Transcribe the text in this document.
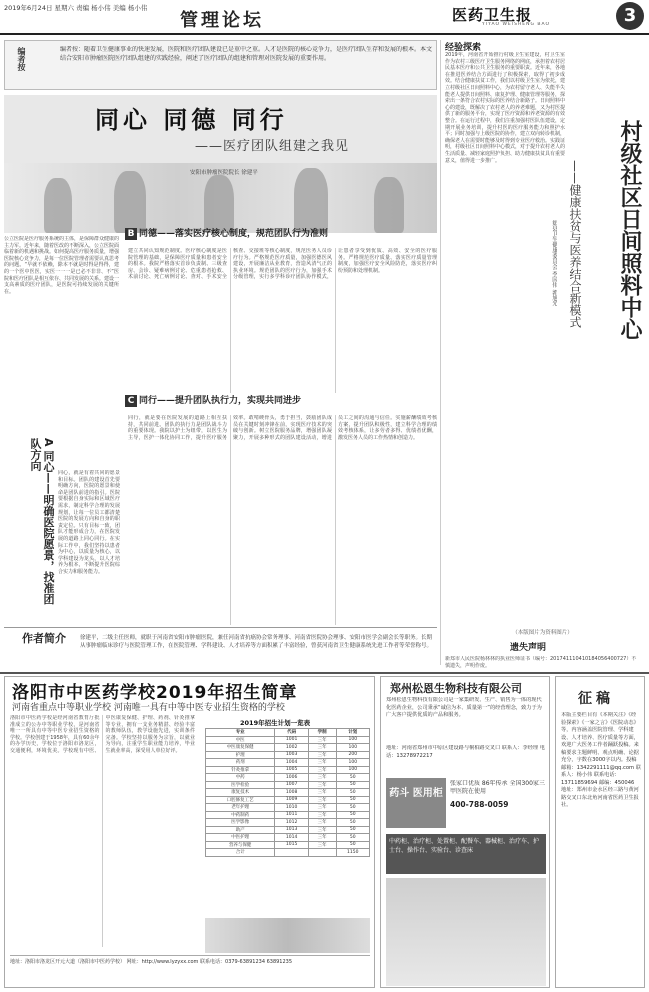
2019年6月24日 星期六 责编 杨小伟 美编 杨小伟
管理论坛	医药卫生报
YIYAO WEISHENG BAO	3
编者按	编者按：随着卫生健康事业的快速发展，医院和医疗团队建设已是重中之重。人才是医院的核心竞争力，是医疗团队生存和发展的根本。本文结合安阳市肿瘤医院医疗团队组建的实践经验，阐述了医疗团队的组建和管理对医院发展的重要作用。
同心 同德 同行
——医疗团队组建之我见
安阳市肿瘤医院院长 徐建平
公立医院是医疗服务系统的主体，是保障群众健康的主力军。近年来，随着医改的不断深入，公立医院面临着新的机遇和挑战。如何提高医疗服务质量，增强医院核心竞争力，是每一位医院管理者需要认真思考的问题。“早就不依赖，除本不就是时得是得得，建的一个医中医医，实医一一一是已必不非非、不”医院和医疗团队是相互依存、共同发展的关系。建设一支高素质的医疗团队，是医院可持续发展的关键所在。
B 同德——落实医疗核心制度，规范团队行为准则
建立共同认知规范制度。医疗核心制度是医院管理的基础，是保障医疗质量和患者安全的根本。我院严格落实首诊负责制、三级查房、会诊、疑难病例讨论、危重患者抢救、术前讨论、死亡病例讨论、查对、手术安全核查、交接班等核心制度，规范医务人员诊疗行为。严格规范医疗质量，加强医德医风建设，开展廉洁从业教育，营造风清气正的执业环境。规范团队的医疗行为，加强手术分级管理，实行多学科诊疗团队协作模式，让患者享受到优质、高效、安全的医疗服务。严格规范医疗质量、落实医疗质量管理制度，加强医疗安全风险防范，落实医疗纠纷预防和处理机制。
A 同心——明确医院愿景，找准团队方向
同心，就是有着共同的愿景和目标。团队的建设首先要明确方向，医院的愿景和使命是团队前进的指引。医院要根据自身实际和区域医疗需求，制定科学合理的发展规划，让每一位员工都清楚医院的发展方向和自身的职责定位。只有目标一致，团队才能形成合力，在医院发展的道路上同心同行。在实际工作中，我们坚持以患者为中心，以质量为核心，以学科建设为龙头，以人才培养为根本，不断提升医院综合实力和服务能力。
C 同行——提升团队执行力，实现共同进步
同行，就是要在医院发展的道路上相互扶持，共同前进。团队的执行力是团队战斗力的重要体现。我院以护士为纽带，以医生为主导，医护一体化协同工作，提升医疗服务效率。敢啃硬骨头，勇于担当，鼓励团队成员在关键时刻冲锋在前，实现医疗技术的突破与创新。树立医院服务品牌，增强团队凝聚力，开展多种形式的团队建设活动，增进员工之间的沟通与信任。实施薪酬绩效考核方案，提升团队积极性，建立科学合理的绩效考核体系，让多劳者多得、优绩者优酬，激发医务人员的工作热情和创造力。
作者简介	徐建平，二级主任医师，就职于河南省安阳市肿瘤医院，兼任河南省抗癌协会常务理事、河南省医院协会理事、安阳市医学会副会长等职务。长期从事肿瘤临床诊疗与医院管理工作，在医院管理、学科建设、人才培养等方面积累了丰富经验，曾获河南省卫生健康系统先进工作者等荣誉称号。
经验探索
2019年，河南省开始推行村级卫生室建设，村卫生室作为农村三级医疗卫生服务网络的网底，承担着农村居民基本医疗和公共卫生服务的重要职责。近年来，各地在推进医养结合方面进行了积极探索，取得了初步成效。结合健康扶贫工作，我们以村级卫生室为依托，建立村级社区日间照料中心，为农村留守老人、失能半失能老人提供日间照料、康复护理、健康管理等服务，探索出一条符合农村实际的医养结合新路子。日间照料中心的建设，既解决了农村老人的养老难题，又为村医提供了新的服务平台，实现了医疗资源和养老资源的有效整合。在运行过程中，我们注重加强村医队伍建设，定期开展业务培训，提升村医的医疗服务能力和照护水平；同时加强与上级医院的协作，建立双向转诊机制，确保老人在需要时能够及时得到专业医疗救治。实践证明，村级社区日间照料中心模式，对于提升农村老人的生活质量、减轻家庭照护负担、助力健康扶贫具有重要意义，值得进一步推广。	村级社区日间照料中心
——健康扶贫与医养结合新模式
郏县卫生健康委员会 李国伟 郭旭光
（本版图片为资料图片）
遗失声明
新郑市人民医院杨林林的执业医师证书（编号：201741110410184056400727）不慎遗失，声明作废。
洛阳市中医药学校2019年招生简章
河南省重点中等职业学校 河南唯一具有中等中医专业招生资格的学校
洛阳市中医药学校是经河南省教育厅批准成立的公办中等职业学校，是河南省唯一一所具有中等中医专业招生资格的学校。学校创建于1958年，具有60余年的办学历史，学校位于洛阳市洛龙区，交通便利，环境优美。学校现有中医、中医康复保健、护理、药剂、针灸推拿等专业，拥有一支业务精湛、经验丰富的教师队伍，教学设施先进，实训条件完备。学校坚持以服务为宗旨，以就业为导向，注重学生职业能力培养，毕业生就业率高，深受用人单位好评。
2019年招生计划一览表
专业	代码	学制	计划
中医	1001	三年	100
中医康复保健	1002	三年	100
护理	1003	三年	200
药剂	1004	三年	100
针灸推拿	1005	三年	100
中药	1006	三年	50
医学检验	1007	三年	50
康复技术	1008	三年	50
口腔修复工艺	1009	三年	50
老年护理	1010	三年	50
中药制药	1011	三年	50
医学影像	1012	三年	50
助产	1013	三年	50
中医护理	1014	三年	50
营养与保健	1015	三年	50
合计			1150
地址：洛阳市洛龙区开元大道（洛阳市中医药学校） 网址：http://www.lyzyxx.com 联系电话：0379-63891234 63891235
郑州松恩生物科技有限公司
郑州松恩生物科技有限公司是一家集研发、生产、销售为一体的现代化医药企业，公司秉承“诚信为本、质量第一”的经营理念，致力于为广大客户提供优质的产品和服务。
地址：河南省郑州市中原区建设路与桐柏路交叉口 联系人：李经理 电话：13278972217
药斗 医用柜
张家口优质 86年传承 全国300家三甲医院在使用
400-788-0059
中药柜、治疗柜、处置柜、配餐车、器械柜、治疗车、护士台、操作台、实验台、诊查床
征稿
本版主要栏目有《本期关注》《经验探索》《一家之言》《医院动态》等，内容涵盖医院管理、学科建设、人才培养、医疗质量等方面，欢迎广大医务工作者踊跃投稿。来稿要求主题鲜明、观点明确、论据充分，字数在3000字以内。投稿邮箱：1342291111@qq.com 联系人：杨小伟 联系电话：13711859694 邮编：450046 地址：郑州市金水区经三路与黄河路交叉口东北角河南省医药卫生报社。
